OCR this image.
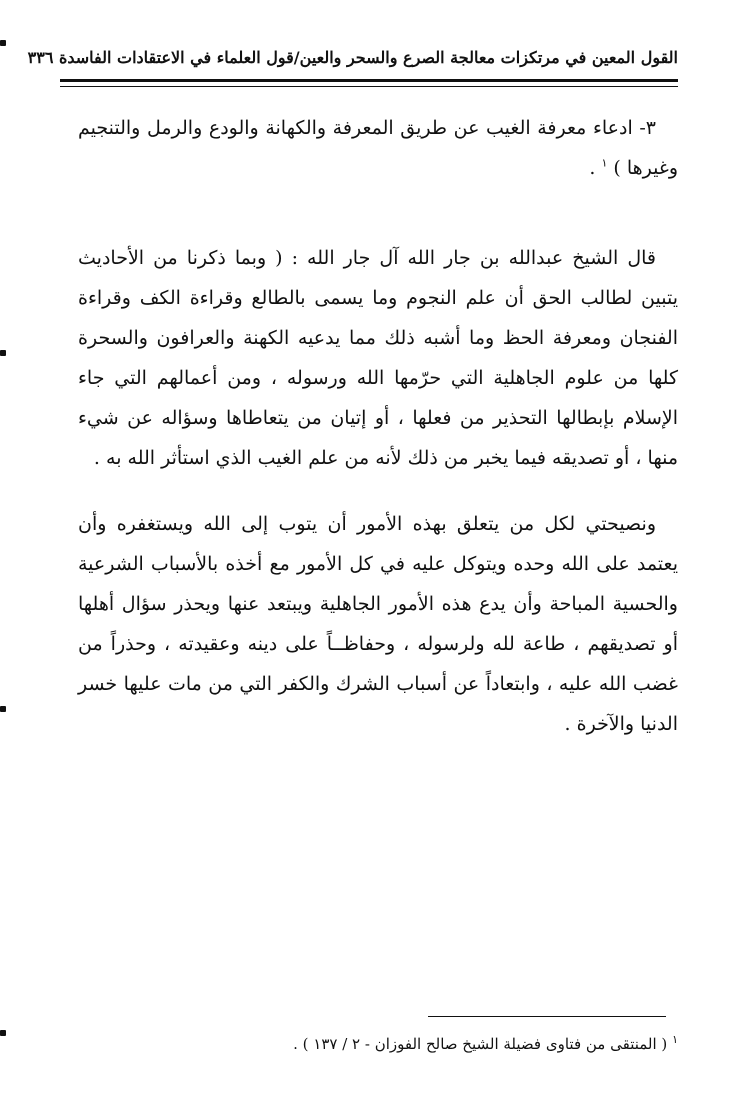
القول المعين في مرتكزات معالجة الصرع والسحر والعين/قول العلماء في الاعتقادات الفاسدة ٣٣٦

٣- ادعاء معرفة الغيب عن طريق المعرفة والكهانة والودع والرمل والتنجيم وغيرها ) $^١$ .

قال الشيخ عبدالله بن جار الله آل جار الله : ( وبما ذكرنا من الأحاديث يتبين لطالب الحق أن علم النجوم وما يسمى بالطالع وقراءة الكف وقراءة الفنجان ومعرفة الحظ وما أشبه ذلك مما يدعيه الكهنة والعرافون والسحرة كلها من علوم الجاهلية التي حرّمها الله ورسوله ، ومن أعمالهم التي جاء الإسلام بإبطالها التحذير من فعلها ، أو إتيان من يتعاطاها وسؤاله عن شيء منها ، أو تصديقه فيما يخبر من ذلك لأنه من علم الغيب الذي استأثر الله به .

ونصيحتي لكل من يتعلق بهذه الأمور أن يتوب إلى الله ويستغفره وأن يعتمد على الله وحده ويتوكل عليه في كل الأمور مع أخذه بالأسباب الشرعية والحسية المباحة وأن يدع هذه الأمور الجاهلية ويبتعد عنها ويحذر سؤال أهلها أو تصديقهم ، طاعة لله ولرسوله ، وحفاظــاً على دينه وعقيدته ، وحذراً من غضب الله عليه ، وابتعاداً عن أسباب الشرك والكفر التي من مات عليها خسر الدنيا والآخرة .

$^١$ ( المنتقى من فتاوى فضيلة الشيخ صالح الفوزان - ٢ / ١٣٧ ) .
